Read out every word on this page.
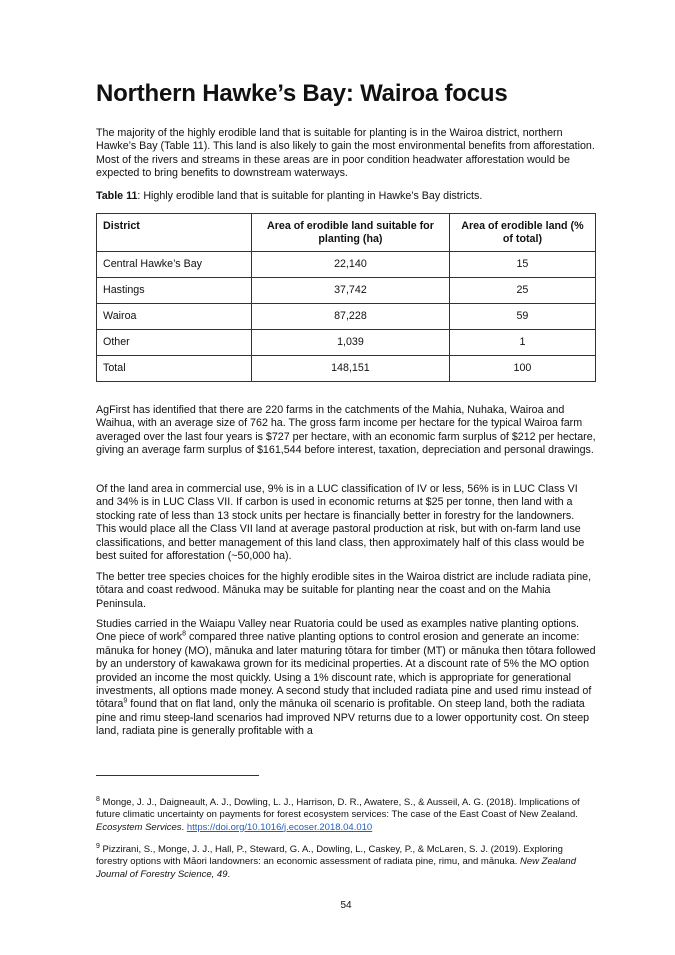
Northern Hawke’s Bay: Wairoa focus

The majority of the highly erodible land that is suitable for planting is in the Wairoa district, northern Hawke’s Bay (Table 11). This land is also likely to gain the most environmental benefits from afforestation. Most of the rivers and streams in these areas are in poor condition headwater afforestation would be expected to bring benefits to downstream waterways.

Table 11: Highly erodible land that is suitable for planting in Hawke’s Bay districts.

District	Area of erodible land suitable for planting (ha)	Area of erodible land (% of total)
Central Hawke’s Bay	22,140	15
Hastings	37,742	25
Wairoa	87,228	59
Other	1,039	1
Total	148,151	100

AgFirst has identified that there are 220 farms in the catchments of the Mahia, Nuhaka, Wairoa and Waihua, with an average size of 762 ha. The gross farm income per hectare for the typical Wairoa farm averaged over the last four years is $727 per hectare, with an economic farm surplus of $212 per hectare, giving an average farm surplus of $161,544 before interest, taxation, depreciation and personal drawings.

Of the land area in commercial use, 9% is in a LUC classification of IV or less, 56% is in LUC Class VI and 34% is in LUC Class VII. If carbon is used in economic returns at $25 per tonne, then land with a stocking rate of less than 13 stock units per hectare is financially better in forestry for the landowners. This would place all the Class VII land at average pastoral production at risk, but with on-farm land use classifications, and better management of this land class, then approximately half of this class would be best suited for afforestation (~50,000 ha).

The better tree species choices for the highly erodible sites in the Wairoa district are include radiata pine, tōtara and coast redwood. Mānuka may be suitable for planting near the coast and on the Mahia Peninsula.

Studies carried in the Waiapu Valley near Ruatoria could be used as examples native planting options. One piece of work$^8$ compared three native planting options to control erosion and generate an income: mānuka for honey (MO), mānuka and later maturing tōtara for timber (MT) or mānuka then tōtara followed by an understory of kawakawa grown for its medicinal properties. At a discount rate of 5% the MO option provided an income the most quickly. Using a 1% discount rate, which is appropriate for generational investments, all options made money. A second study that included radiata pine and used rimu instead of tōtara$^9$ found that on flat land, only the mānuka oil scenario is profitable. On steep land, both the radiata pine and rimu steep-land scenarios had improved NPV returns due to a lower opportunity cost. On steep land, radiata pine is generally profitable with a

$^8$ Monge, J. J., Daigneault, A. J., Dowling, L. J., Harrison, D. R., Awatere, S., & Ausseil, A. G. (2018). Implications of future climatic uncertainty on payments for forest ecosystem services: The case of the East Coast of New Zealand. Ecosystem Services. https://doi.org/10.1016/j.ecoser.2018.04.010

$^9$ Pizzirani, S., Monge, J. J., Hall, P., Steward, G. A., Dowling, L., Caskey, P., & McLaren, S. J. (2019). Exploring forestry options with Māori landowners: an economic assessment of radiata pine, rimu, and mānuka. New Zealand Journal of Forestry Science, 49.

54
